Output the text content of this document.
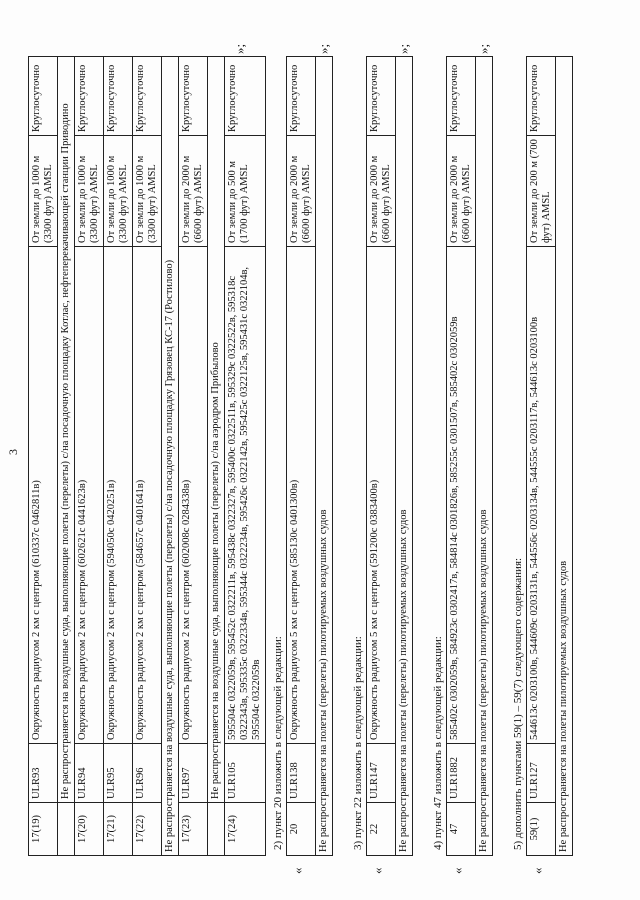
3
17(19)	ULR93	Окружность радиусом 2 км с центром (610337с 0462811в)	От земли до 1000 м (3300 фут) AMSL	Круглосуточно
	Не распространяется на воздушные суда, выполняющие полеты (перелеты) с/на посадочную площадку Котлас, нефтеперекачивающей станции Приводино			
17(20)	ULR94	Окружность радиусом 2 км с центром (602621с 0441623в)	От земли до 1000 м (3300 фут) AMSL	Круглосуточно
17(21)	ULR95	Окружность радиусом 2 км с центром (594050с 0420251в)	От земли до 1000 м (3300 фут) AMSL	Круглосуточно
17(22)	ULR96	Окружность радиусом 2 км с центром (584657с 0401641в)	От земли до 1000 м (3300 фут) AMSL	Круглосуточно
Не распространяется на воздушные суда, выполняющие полеты (перелеты) с/на посадочную площадку Грязовец КС-17 (Ростилово)				
17(23)	ULR97	Окружность радиусом 2 км с центром (602008с 0284338в)	От земли до 2000 м (6600 фут) AMSL	Круглосуточно
	Не распространяется на воздушные суда, выполняющие полеты (перелеты) с/на аэродром Прибылово			
17(24)	ULR105	595504с 0322059в, 595452с 0322211в, 595438с 0322327в, 595400с 0322511в, 595329с 0322522в, 595318с 0322343в, 595335с 0322334в, 595344с 0322234в, 595426с 0322142в, 595425с 0322125в, 595431с 0322104в, 595504с 0322059в	От земли до 500 м (1700 фут) AMSL	Круглосуточно
»;
2) пункт 20 изложить в следующей редакции:
«
20	ULR138	Окружность радиусом 5 км с центром (585130с 0401300в)	От земли до 2000 м (6600 фут) AMSL	Круглосуточно
Не распространяется на полеты (перелеты) пилотируемых воздушных судов
»;
3) пункт 22 изложить в следующей редакции:
«
22	ULR147	Окружность радиусом 5 км с центром (591200с 0383400в)	От земли до 2000 м (6600 фут) AMSL	Круглосуточно
Не распространяется на полеты (перелеты) пилотируемых воздушных судов
»;
4) пункт 47 изложить в следующей редакции:
«
47	ULR1882	585402с 0302059в, 584923с 0302417в, 584814с 0301826в, 585255с 0301507в, 585402с 0302059в	От земли до 2000 м (6600 фут) AMSL	Круглосуточно
Не распространяется на полеты (перелеты) пилотируемых воздушных судов
»;
5) дополнить пунктами 59(1) – 59(7) следующего содержания:
«
59(1)	ULR127	544613с 0203100в, 544609с 0203131в, 544556с 0203134в, 544555с 0203117в, 544613с 0203100в	От земли до 200 м (700 фут) AMSL	Круглосуточно
Не распространяется на полеты пилотируемых воздушных судов
